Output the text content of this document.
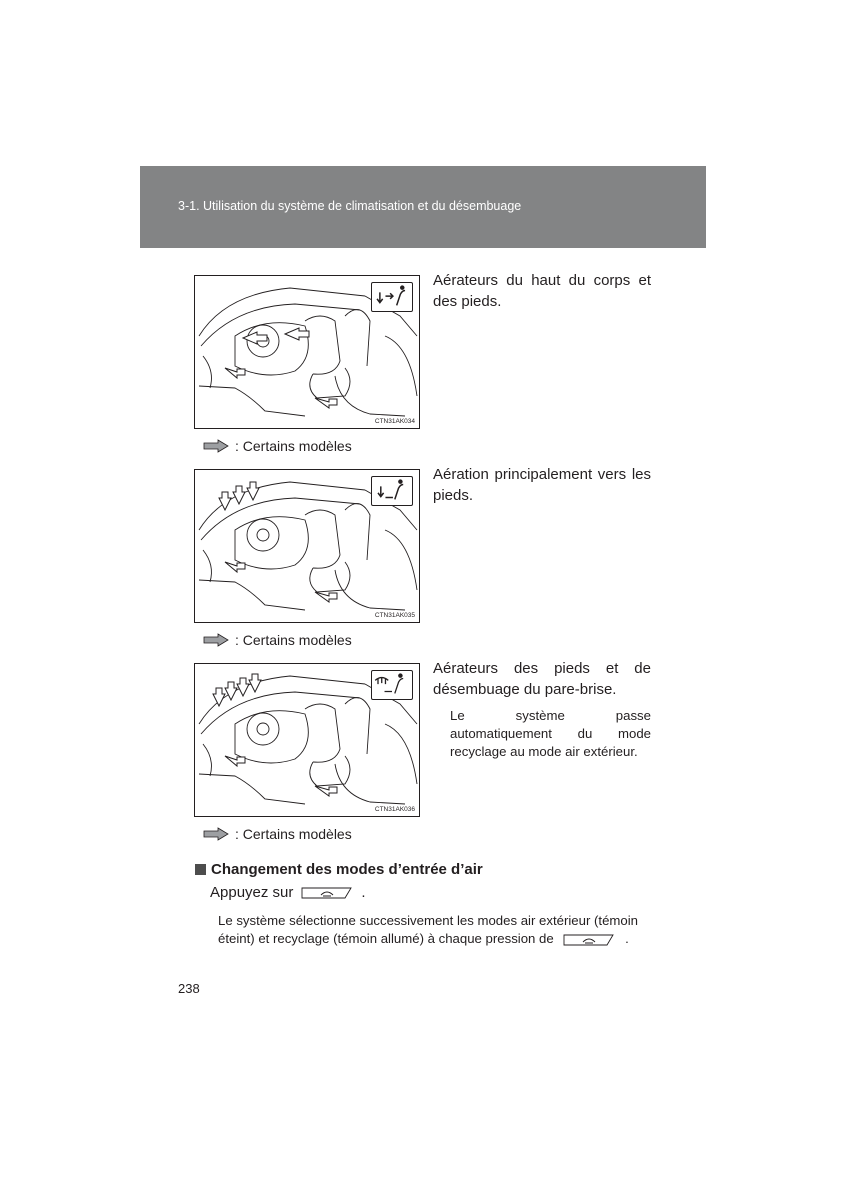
3-1. Utilisation du système de climatisation et du désembuage
CTN31AK034
: Certains modèles
Aérateurs du haut du corps et des pieds.
CTN31AK035
: Certains modèles
Aération principalement vers les pieds.
CTN31AK036
: Certains modèles
Aérateurs des pieds et de désembuage du pare-brise.
Le système passe automatiquement du mode recyclage au mode air extérieur.
Changement des modes d’entrée d’air
Appuyez sur	.
Le système sélectionne successivement les modes air extérieur (témoin éteint) et recyclage (témoin allumé) à chaque pression de	.
238
